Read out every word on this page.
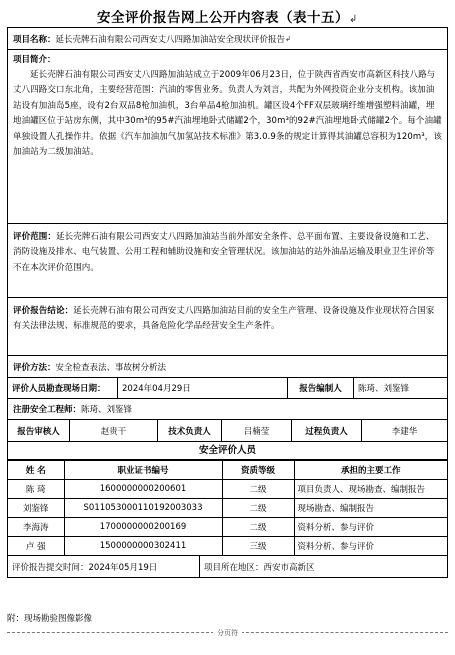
安全评价报告网上公开内容表（表十五）↲
项目名称： 延长壳牌石油有限公司西安丈八四路加油站安全现状评价报告 ↲
项目简介：

延长壳牌石油有限公司西安丈八四路加油站成立于2009年06月23日，位于陕西省西安市高新区科技八路与丈八四路交口东北角，主要经营范围：汽油的零售业务。负责人为刘言，共配为外网投资企业分支机构。该加油站设有加油岛5座，设有2台双品8枪加油机，3台单品4枪加油机。罐区设4个FF双层玻璃纤维增强塑料油罐，埋地油罐区位于站房东侧，其中30m³的95#汽油埋地卧式储罐2个，30m³的92#汽油埋地卧式储罐2个。每个油罐单独设置人孔操作井。依据《汽车加油加气加氢站技术标准》第3.0.9条的规定计算得其油罐总容积为120m³，该加油站为二级加油站。

评价范围：延长壳牌石油有限公司西安丈八四路加油站当前外部安全条件、总平面布置、主要设备设施和工艺、消防设施及排水、电气装置、公用工程和辅助设施和安全管理状况。该加油站的站外油品运输及职业卫生评价等不在本次评价范围内。

评价报告结论：延长壳牌石油有限公司西安丈八四路加油站目前的安全生产管理、设备设施及作业现状符合国家有关法律法规、标准规范的要求，具备危险化学品经营安全生产条件。

评价方法： 安全检查表法、事故树分析法
评价人员勘查现场日期：	2024年04月29日	报告编制人	陈琦、刘鉴锋
注册安全工程师： 陈琦、刘鉴锋
报告审核人	赵贵干	技术负责人	吕楠莹	过程负责人	李建华
安全评价人员
姓 名	职业证书编号	资质等级	承担的主要工作
陈 琦	1600000000200601	二级	项目负责人、现场勘查、编制报告
刘鉴锋	S011053000110192003033	二级	现场勘查、编制报告
李海涛	1700000000200169	二级	资料分析、参与评价
卢 强	1500000000302411	三级	资料分析、参与评价
评价报告提交时间： 2024年05月19日	项目所在地区： 西安市高新区
附：现场勘验图像影像
分页符
